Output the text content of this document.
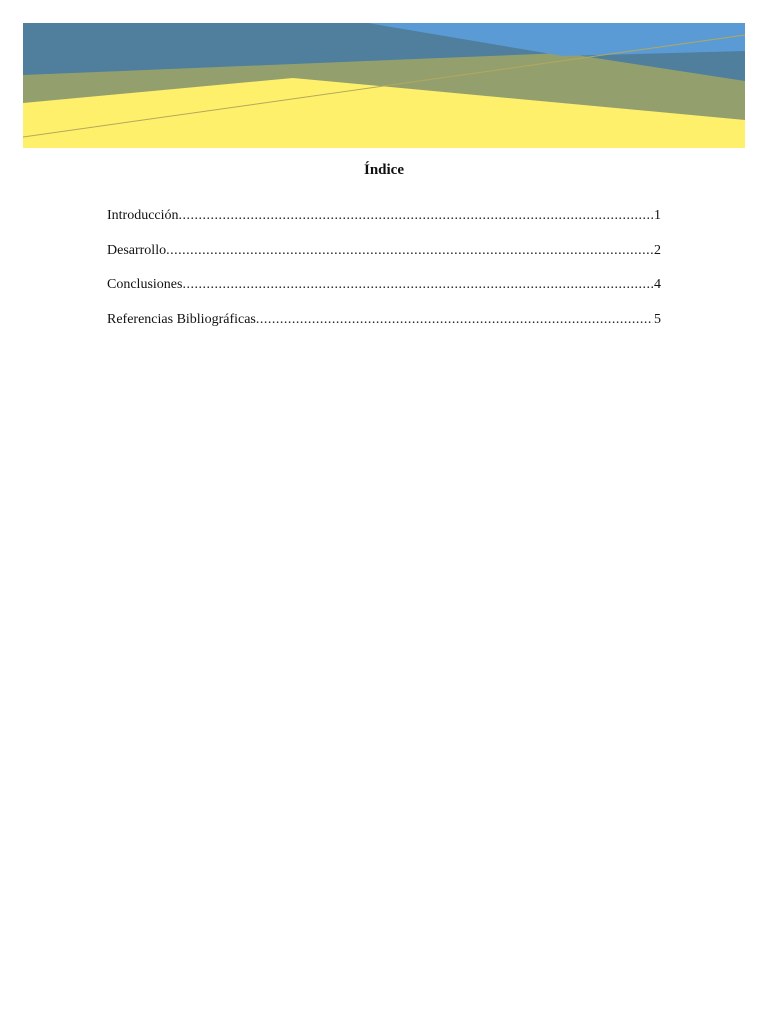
Índice
Introducción .....	1
Desarrollo .....	2
Conclusiones .....	4
Referencias Bibliográficas .....	5
